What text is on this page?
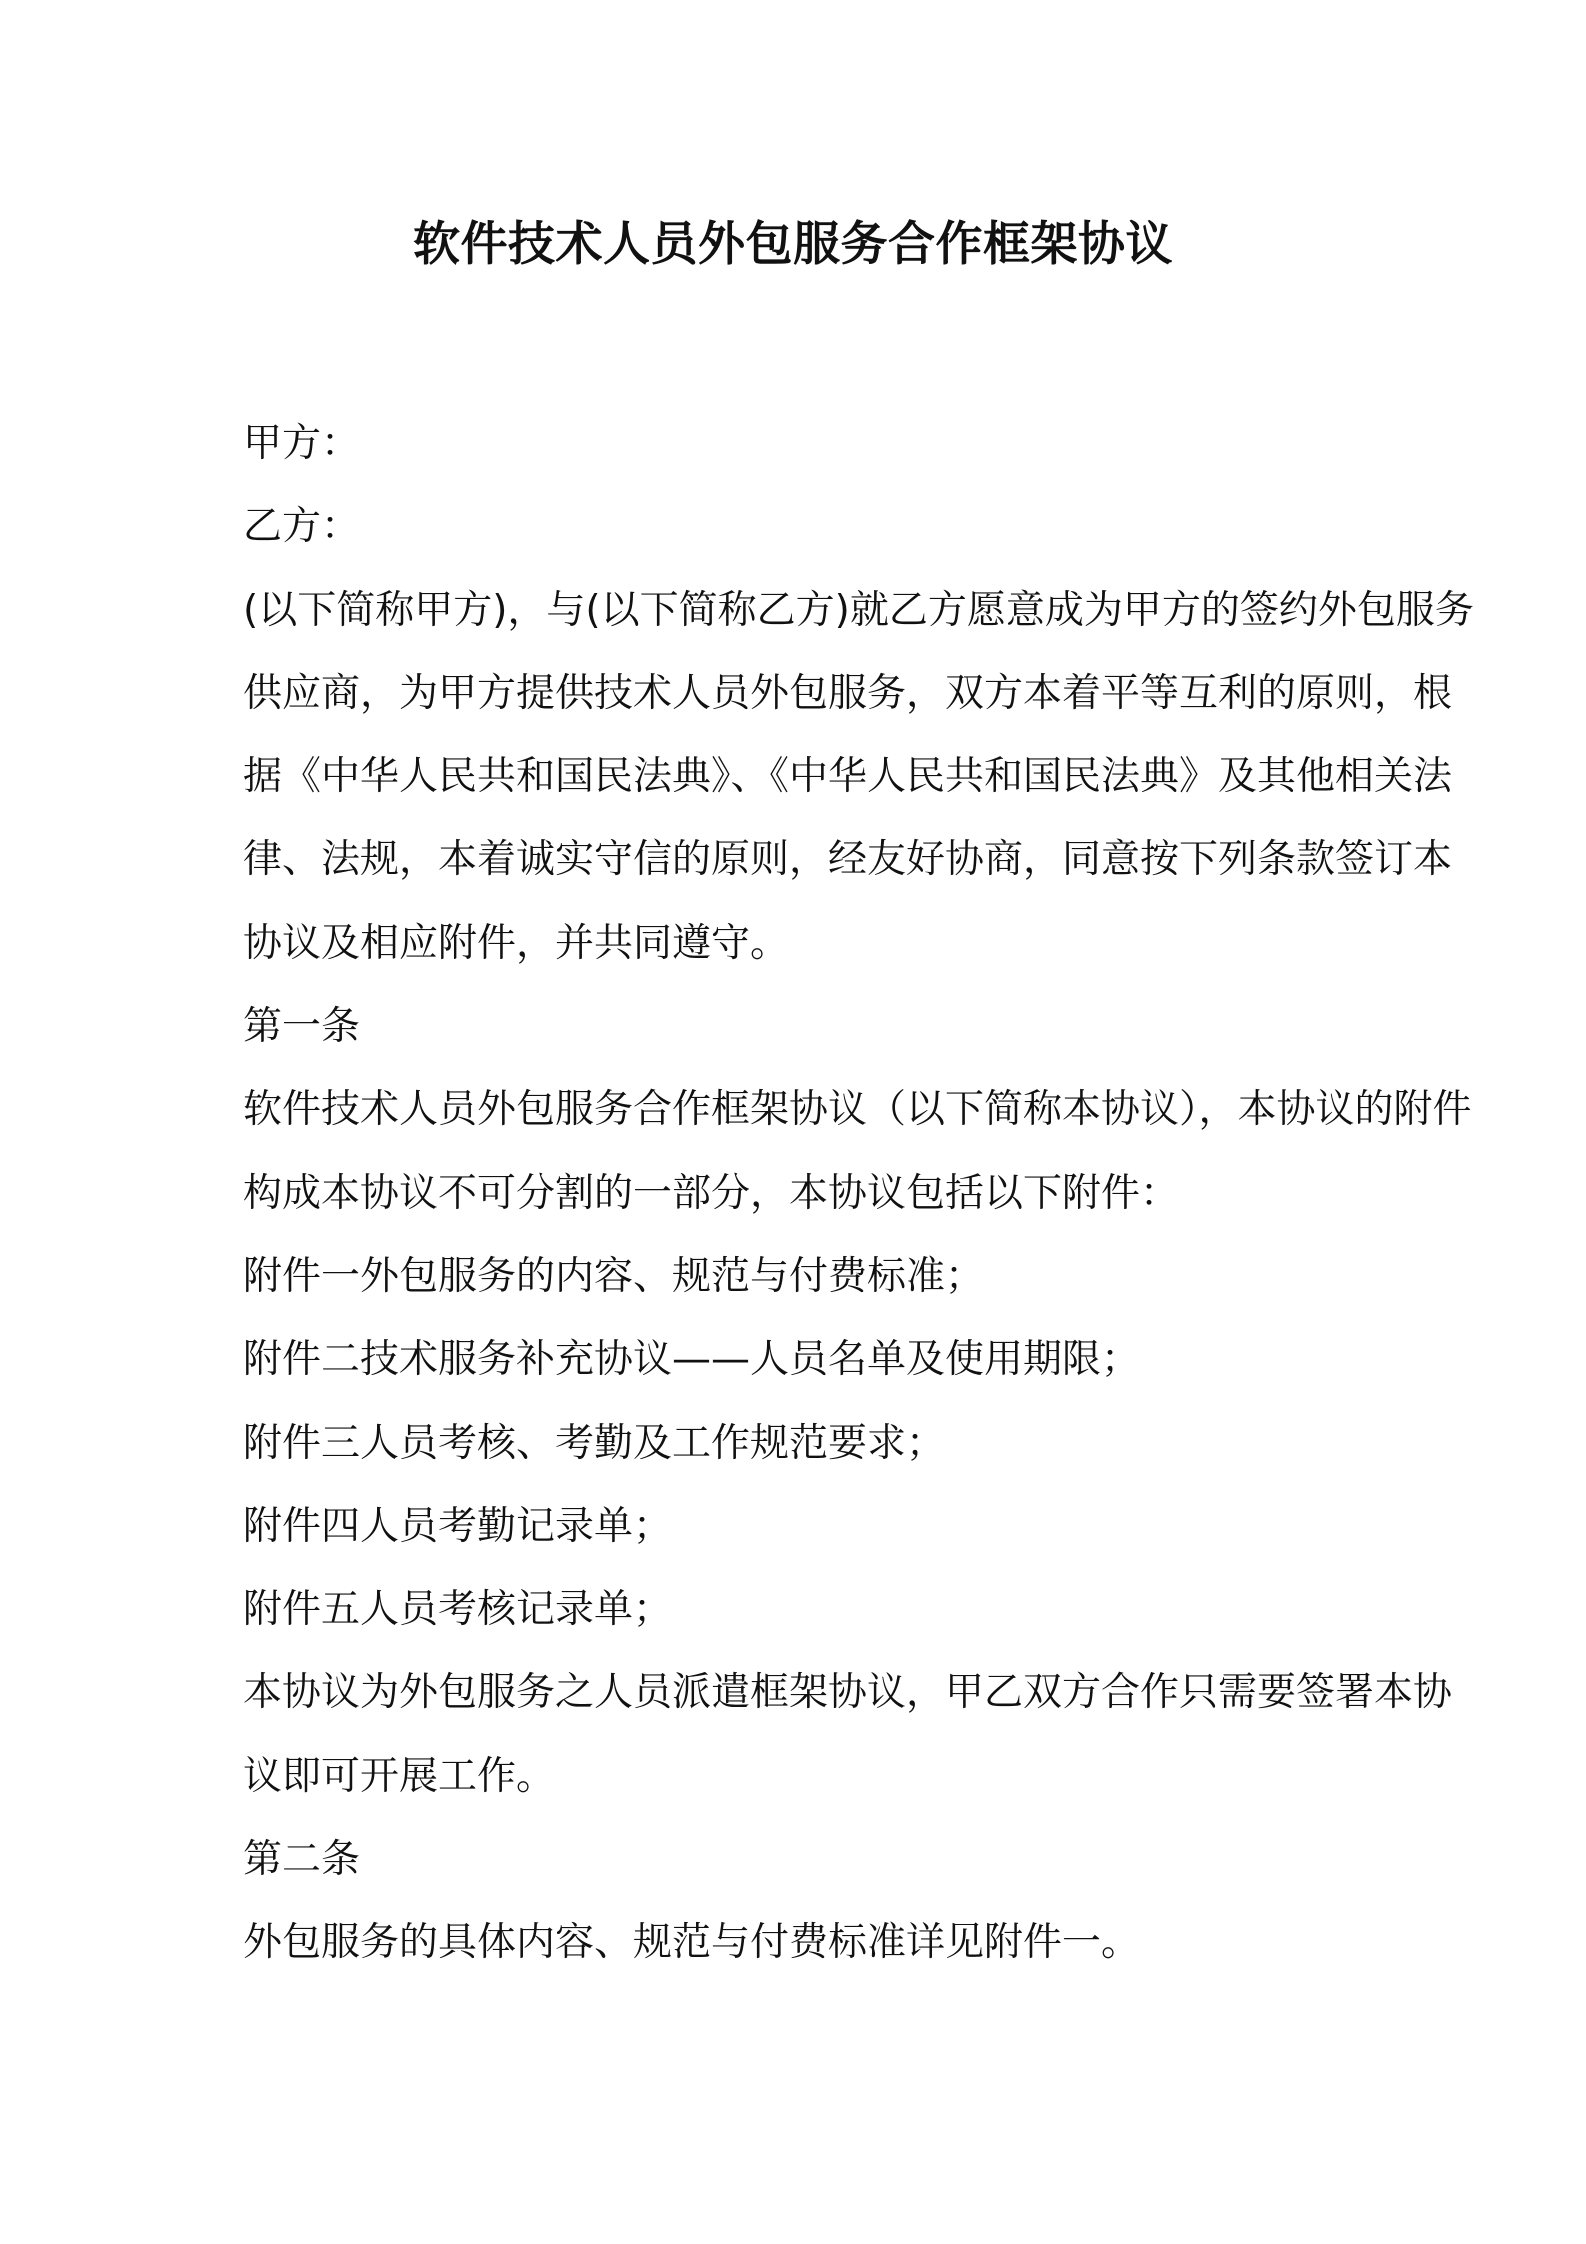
软件技术人员外包服务合作框架协议
甲方：
乙方：
(以下简称甲方)，与(以下简称乙方)就乙方愿意成为甲方的签约外包服务
供应商，为甲方提供技术人员外包服务，双方本着平等互利的原则，根
据《中华人民共和国民法典》、《中华人民共和国民法典》及其他相关法
律、法规，本着诚实守信的原则，经友好协商，同意按下列条款签订本
协议及相应附件，并共同遵守。
第一条
软件技术人员外包服务合作框架协议（以下简称本协议），本协议的附件
构成本协议不可分割的一部分，本协议包括以下附件：
附件一外包服务的内容、规范与付费标准；
附件二技术服务补充协议——人员名单及使用期限；
附件三人员考核、考勤及工作规范要求；
附件四人员考勤记录单；
附件五人员考核记录单；
本协议为外包服务之人员派遣框架协议，甲乙双方合作只需要签署本协
议即可开展工作。
第二条
外包服务的具体内容、规范与付费标准详见附件一。
